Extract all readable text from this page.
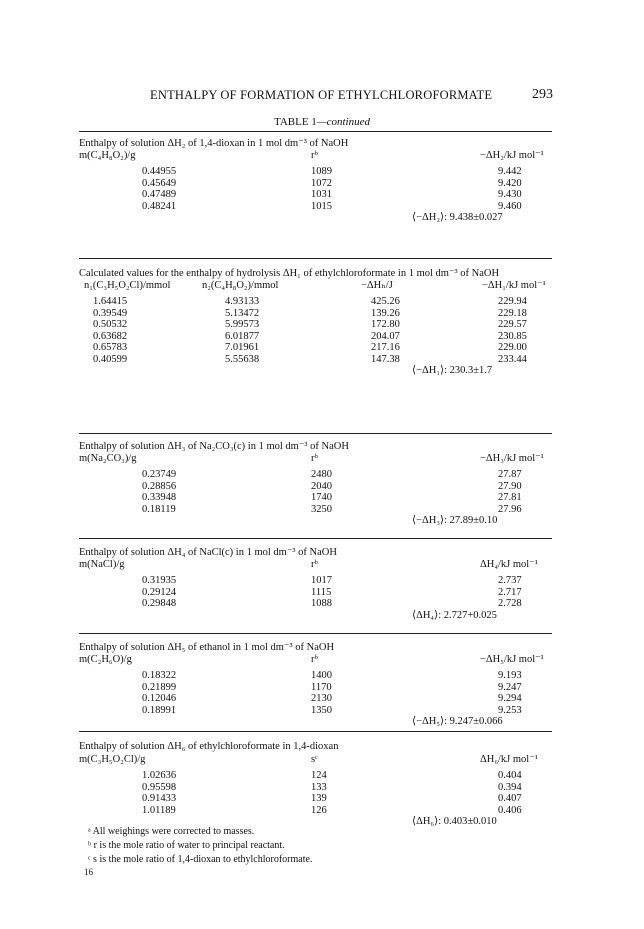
ENTHALPY OF FORMATION OF ETHYLCHLOROFORMATE	293
TABLE 1—continued
Enthalpy of solution ΔH₂ of 1,4-dioxan in 1 mol dm⁻³ of NaOH
m(C₄H₈O₂)/g	rᵇ	−ΔH₂/kJ mol⁻¹
0.44955	1089	9.442
0.45649	1072	9.420
0.47489	1031	9.430
0.48241	1015	9.460
⟨−ΔH₂⟩: 9.438±0.027
Calculated values for the enthalpy of hydrolysis ΔH₁ of ethylchloroformate in 1 mol dm⁻³ of NaOH
n₁(C₃H₅O₂Cl)/mmol	n₂(C₄H₈O₂)/mmol	−ΔHₕ/J	−ΔH₁/kJ mol⁻¹
1.64415	4.93133	425.26	229.94
0.39549	5.13472	139.26	229.18
0.50532	5.99573	172.80	229.57
0.63682	6.01877	204.07	230.85
0.65783	7.01961	217.16	229.00
0.40599	5.55638	147.38	233.44
⟨−ΔH₁⟩: 230.3±1.7
Enthalpy of solution ΔH₃ of Na₂CO₃(c) in 1 mol dm⁻³ of NaOH
m(Na₂CO₃)/g	rᵇ	−ΔH₃/kJ mol⁻¹
0.23749	2480	27.87
0.28856	2040	27.90
0.33948	1740	27.81
0.18119	3250	27.96
⟨−ΔH₃⟩: 27.89±0.10
Enthalpy of solution ΔH₄ of NaCl(c) in 1 mol dm⁻³ of NaOH
m(NaCl)/g	rᵇ	ΔH₄/kJ mol⁻¹
0.31935	1017	2.737
0.29124	1115	2.717
0.29848	1088	2.728
⟨ΔH₄⟩: 2.727+0.025
Enthalpy of solution ΔH₅ of ethanol in 1 mol dm⁻³ of NaOH
m(C₂H₆O)/g	rᵇ	−ΔH₅/kJ mol⁻¹
0.18322	1400	9.193
0.21899	1170	9.247
0.12046	2130	9.294
0.18991	1350	9.253
⟨−ΔH₅⟩: 9.247±0.066
Enthalpy of solution ΔH₆ of ethylchloroformate in 1,4-dioxan
m(C₃H₅O₂Cl)/g	sᶜ	ΔH₆/kJ mol⁻¹
1.02636	124	0.404
0.95598	133	0.394
0.91433	139	0.407
1.01189	126	0.406
⟨ΔH₆⟩: 0.403±0.010
ᵃ All weighings were corrected to masses.
ᵇ r is the mole ratio of water to principal reactant.
ᶜ s is the mole ratio of 1,4-dioxan to ethylchloroformate.
16
